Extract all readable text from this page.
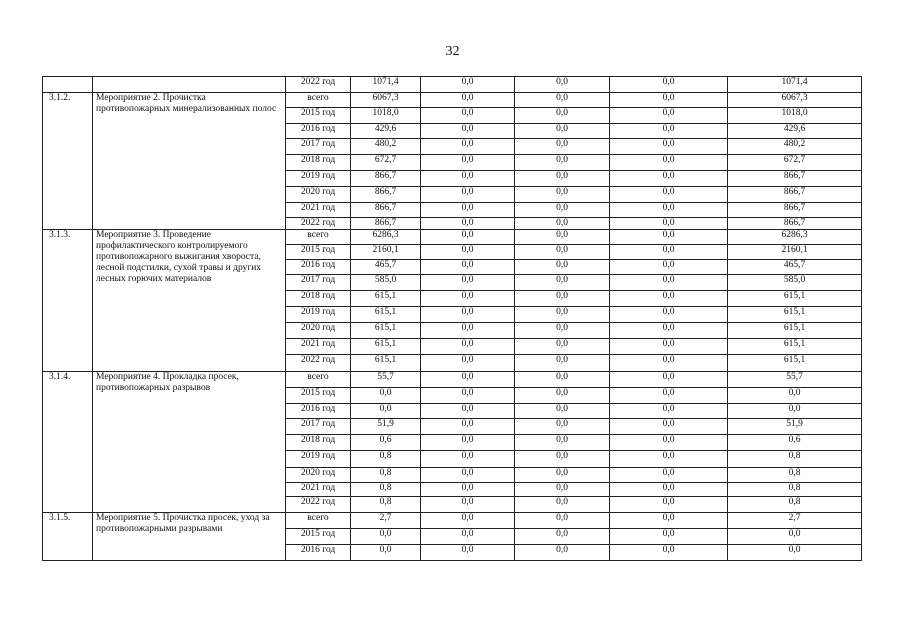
32
		2022 год	1071,4	0,0	0,0	0,0	1071,4
3.1.2.	Мероприятие 2. Прочистка противопожарных минерализованных полос	всего	6067,3	0,0	0,0	0,0	6067,3
		2015 год	1018,0	0,0	0,0	0,0	1018,0
		2016 год	429,6	0,0	0,0	0,0	429,6
		2017 год	480,2	0,0	0,0	0,0	480,2
		2018 год	672,7	0,0	0,0	0,0	672,7
		2019 год	866,7	0,0	0,0	0,0	866,7
		2020 год	866,7	0,0	0,0	0,0	866,7
		2021 год	866,7	0,0	0,0	0,0	866,7
		2022 год	866,7	0,0	0,0	0,0	866,7
3.1.3.	Мероприятие 3. Проведение профилактического контролируемого противопожарного выжигания хвороста, лесной подстилки, сухой травы и других лесных горючих материалов	всего	6286,3	0,0	0,0	0,0	6286,3
		2015 год	2160,1	0,0	0,0	0,0	2160,1
		2016 год	465,7	0,0	0,0	0,0	465,7
		2017 год	585,0	0,0	0,0	0,0	585,0
		2018 год	615,1	0,0	0,0	0,0	615,1
		2019 год	615,1	0,0	0,0	0,0	615,1
		2020 год	615,1	0,0	0,0	0,0	615,1
		2021 год	615,1	0,0	0,0	0,0	615,1
		2022 год	615,1	0,0	0,0	0,0	615,1
3.1.4.	Мероприятие 4. Прокладка просек, противопожарных разрывов	всего	55,7	0,0	0,0	0,0	55,7
		2015 год	0,0	0,0	0,0	0,0	0,0
		2016 год	0,0	0,0	0,0	0,0	0,0
		2017 год	51,9	0,0	0,0	0,0	51,9
		2018 год	0,6	0,0	0,0	0,0	0,6
		2019 год	0,8	0,0	0,0	0,0	0,8
		2020 год	0,8	0,0	0,0	0,0	0,8
		2021 год	0,8	0,0	0,0	0,0	0,8
		2022 год	0,8	0,0	0,0	0,0	0,8
3.1.5.	Мероприятие 5. Прочистка просек, уход за противопожарными разрывами	всего	2,7	0,0	0,0	0,0	2,7
		2015 год	0,0	0,0	0,0	0,0	0,0
		2016 год	0,0	0,0	0,0	0,0	0,0
